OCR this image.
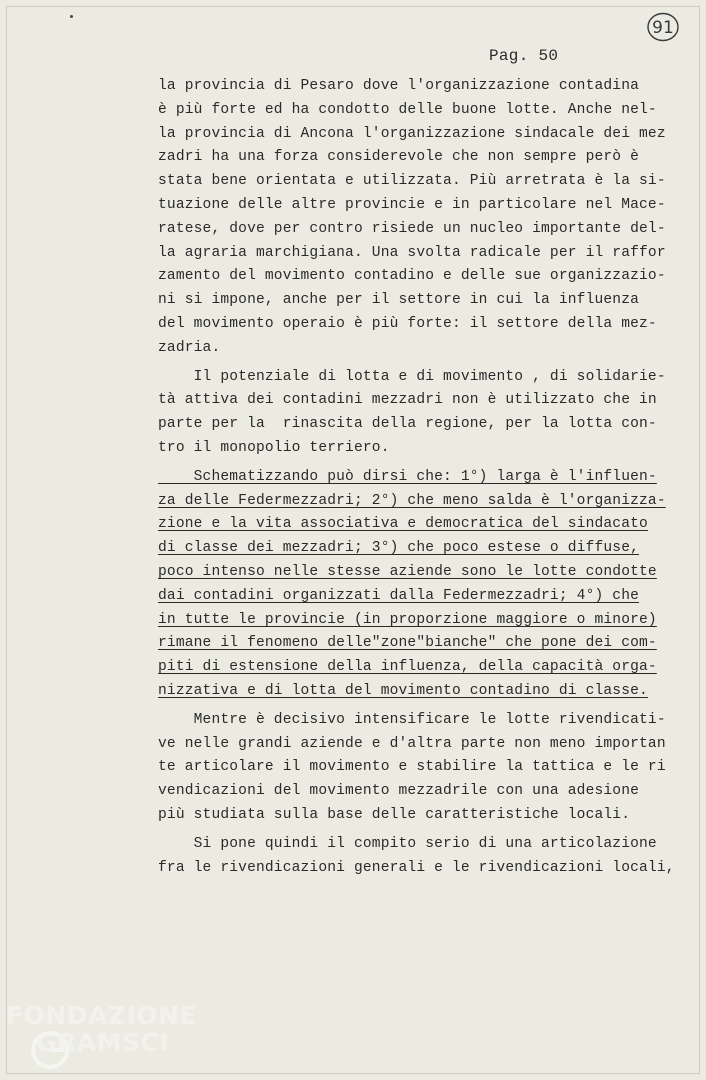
Pag. 50
91
la provincia di Pesaro dove l'organizzazione contadina
è più forte ed ha condotto delle buone lotte. Anche nel-
la provincia di Ancona l'organizzazione sindacale dei mez
zadri ha una forza considerevole che non sempre però è
stata bene orientata e utilizzata. Più arretrata è la si-
tuazione delle altre provincie e in particolare nel Mace-
ratese, dove per contro risiede un nucleo importante del-
la agraria marchigiana. Una svolta radicale per il raffor
zamento del movimento contadino e delle sue organizzazio-
ni si impone, anche per il settore in cui la influenza
del movimento operaio è più forte: il settore della mez-
zadria.
Il potenziale di lotta e di movimento , di solidarie-
tà attiva dei contadini mezzadri non è utilizzato che in
parte per la  rinascita della regione, per la lotta con-
tro il monopolio terriero.
Schematizzando può dirsi che: 1°) larga è l'influen-
za delle Federmezzadri; 2°) che meno salda è l'organizza-
zione e la vita associativa e democratica del sindacato
di classe dei mezzadri; 3°) che poco estese o diffuse,
poco intenso nelle stesse aziende sono le lotte condotte
dai contadini organizzati dalla Federmezzadri; 4°) che
in tutte le provincie (in proporzione maggiore o minore)
rimane il fenomeno delle"zone"bianche" che pone dei com-
piti di estensione della influenza, della capacità orga-
nizzativa e di lotta del movimento contadino di classe.
Mentre è decisivo intensificare le lotte rivendicati-
ve nelle grandi aziende e d'altra parte non meno importan
te articolare il movimento e stabilire la tattica e le ri
vendicazioni del movimento mezzadrile con una adesione
più studiata sulla base delle caratteristiche locali.
Si pone quindi il compito serio di una articolazione
fra le rivendicazioni generali e le rivendicazioni locali,
FONDAZIONE
GRAMSCI
